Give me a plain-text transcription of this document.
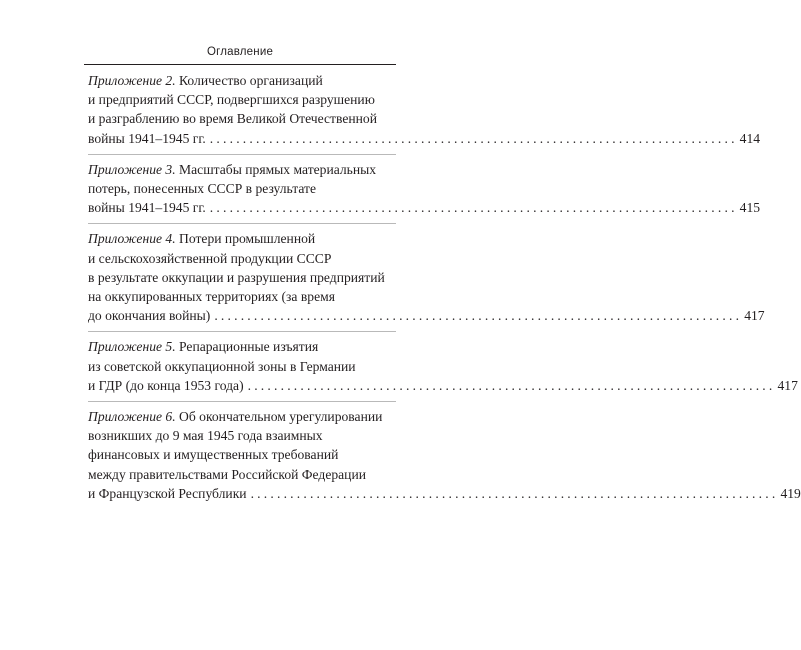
Оглавление
Приложение 2. Количество организаций
и предприятий СССР, подвергшихся разрушению
и разграблению во время Великой Отечественной
войны 1941–1945 гг. ................................................................................ 414
Приложение 3. Масштабы прямых материальных
потерь, понесенных СССР в результате
войны 1941–1945 гг. ................................................................................ 415
Приложение 4. Потери промышленной
и сельскохозяйственной продукции СССР
в результате оккупации и разрушения предприятий
на оккупированных территориях (за время
до окончания войны) ................................................................................ 417
Приложение 5. Репарационные изъятия
из советской оккупационной зоны в Германии
и ГДР (до конца 1953 года) ................................................................................ 417
Приложение 6. Об окончательном урегулировании
возникших до 9 мая 1945 года взаимных
финансовых и имущественных требований
между правительствами Российской Федерации
и Французской Республики ................................................................................ 419
